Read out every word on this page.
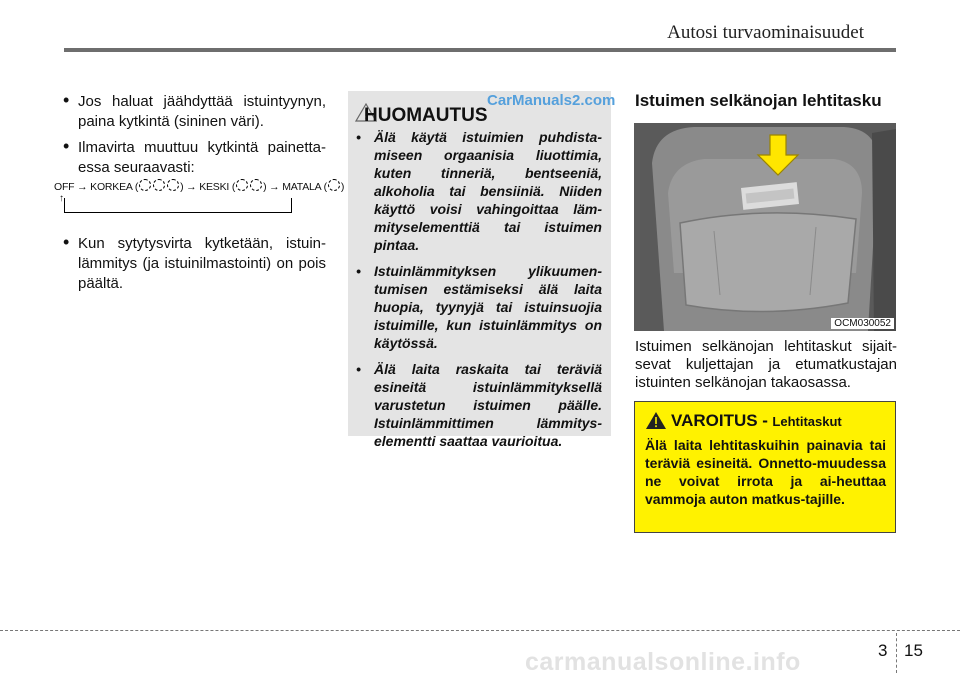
Autosi turvaominaisuudet
• Jos haluat jäähdyttää istuintyynyn, paina kytkintä (sininen väri).
• Ilmavirta muuttuu kytkintä painetta-essa seuraavasti:
OFF → KORKEA (	) → KESKI (	) → MATALA ( )
↑
• Kun sytytysvirta kytketään, istuin-lämmitys (ja istuinilmastointi) on pois päältä.
HUOMAUTUS
CarManuals2.com
• Älä käytä istuimien puhdista-miseen orgaanisia liuottimia, kuten tinneriä, bentseeniä, alkoholia tai bensiiniä. Niiden käyttö voisi vahingoittaa läm-mityselementtiä tai istuimen pintaa.
• Istuinlämmityksen ylikuumen-tumisen estämiseksi älä laita huopia, tyynyjä tai istuinsuojia istuimille, kun istuinlämmitys on käytössä.
• Älä laita raskaita tai teräviä esineitä istuinlämmityksellä varustetun istuimen päälle. Istuinlämmittimen lämmitys-elementti saattaa vaurioitua.
Istuimen selkänojan lehtitasku
OCM030052
Istuimen selkänojan lehtitaskut sijait-sevat kuljettajan ja etumatkustajan istuinten selkänojan takaosassa.
VAROITUS - Lehtitaskut
Älä laita lehtitaskuihin painavia tai teräviä esineitä. Onnetto-muudessa ne voivat irrota ja ai-heuttaa vammoja auton matkus-tajille.
3 15
carmanualsonline.info
